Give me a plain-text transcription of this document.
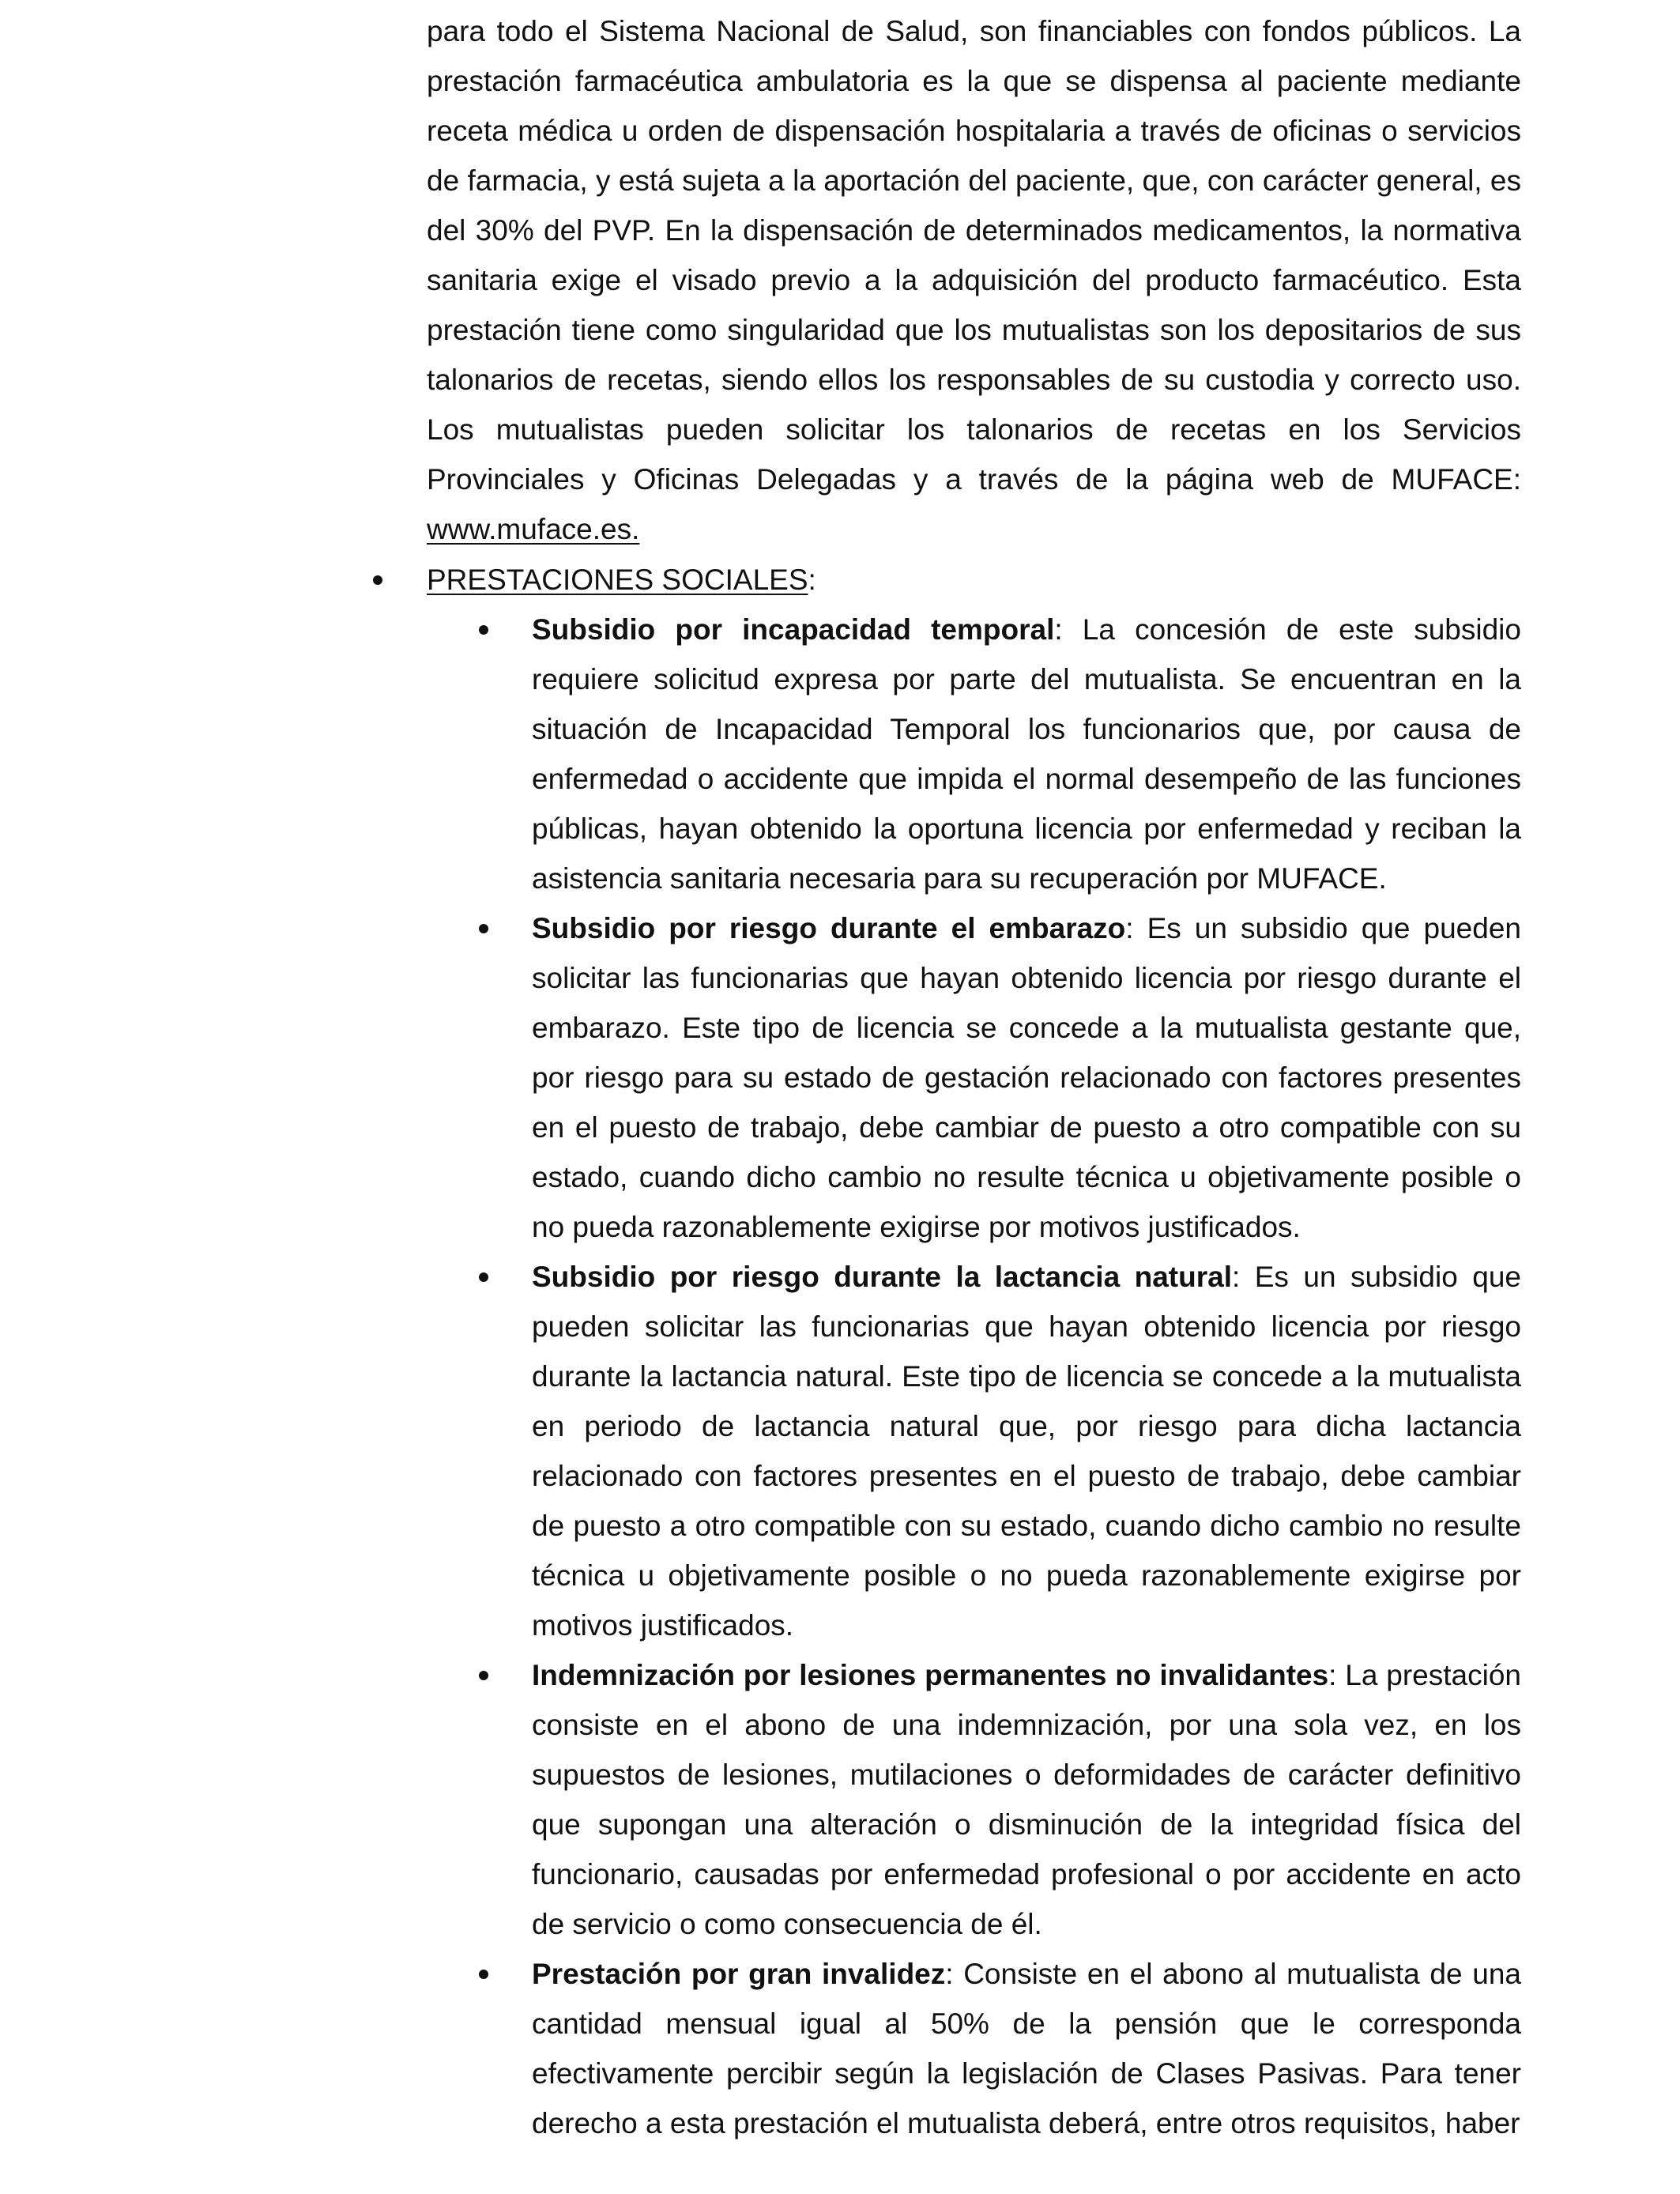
para todo el Sistema Nacional de Salud, son financiables con fondos públicos. La prestación farmacéutica ambulatoria es la que se dispensa al paciente mediante receta médica u orden de dispensación hospitalaria a través de oficinas o servicios de farmacia, y está sujeta a la aportación del paciente, que, con carácter general, es del 30% del PVP. En la dispensación de determinados medicamentos, la normativa sanitaria exige el visado previo a la adquisición del producto farmacéutico. Esta prestación tiene como singularidad que los mutualistas son los depositarios de sus talonarios de recetas, siendo ellos los responsables de su custodia y correcto uso. Los mutualistas pueden solicitar los talonarios de recetas en los Servicios Provinciales y Oficinas Delegadas y a través de la página web de MUFACE: www.muface.es.

PRESTACIONES SOCIALES:

Subsidio por incapacidad temporal: La concesión de este subsidio requiere solicitud expresa por parte del mutualista. Se encuentran en la situación de Incapacidad Temporal los funcionarios que, por causa de enfermedad o accidente que impida el normal desempeño de las funciones públicas, hayan obtenido la oportuna licencia por enfermedad y reciban la asistencia sanitaria necesaria para su recuperación por MUFACE.

Subsidio por riesgo durante el embarazo: Es un subsidio que pueden solicitar las funcionarias que hayan obtenido licencia por riesgo durante el embarazo. Este tipo de licencia se concede a la mutualista gestante que, por riesgo para su estado de gestación relacionado con factores presentes en el puesto de trabajo, debe cambiar de puesto a otro compatible con su estado, cuando dicho cambio no resulte técnica u objetivamente posible o no pueda razonablemente exigirse por motivos justificados.

Subsidio por riesgo durante la lactancia natural: Es un subsidio que pueden solicitar las funcionarias que hayan obtenido licencia por riesgo durante la lactancia natural. Este tipo de licencia se concede a la mutualista en periodo de lactancia natural que, por riesgo para dicha lactancia relacionado con factores presentes en el puesto de trabajo, debe cambiar de puesto a otro compatible con su estado, cuando dicho cambio no resulte técnica u objetivamente posible o no pueda razonablemente exigirse por motivos justificados.

Indemnización por lesiones permanentes no invalidantes: La prestación consiste en el abono de una indemnización, por una sola vez, en los supuestos de lesiones, mutilaciones o deformidades de carácter definitivo que supongan una alteración o disminución de la integridad física del funcionario, causadas por enfermedad profesional o por accidente en acto de servicio o como consecuencia de él.

Prestación por gran invalidez: Consiste en el abono al mutualista de una cantidad mensual igual al 50% de la pensión que le corresponda efectivamente percibir según la legislación de Clases Pasivas. Para tener derecho a esta prestación el mutualista deberá, entre otros requisitos, haber
